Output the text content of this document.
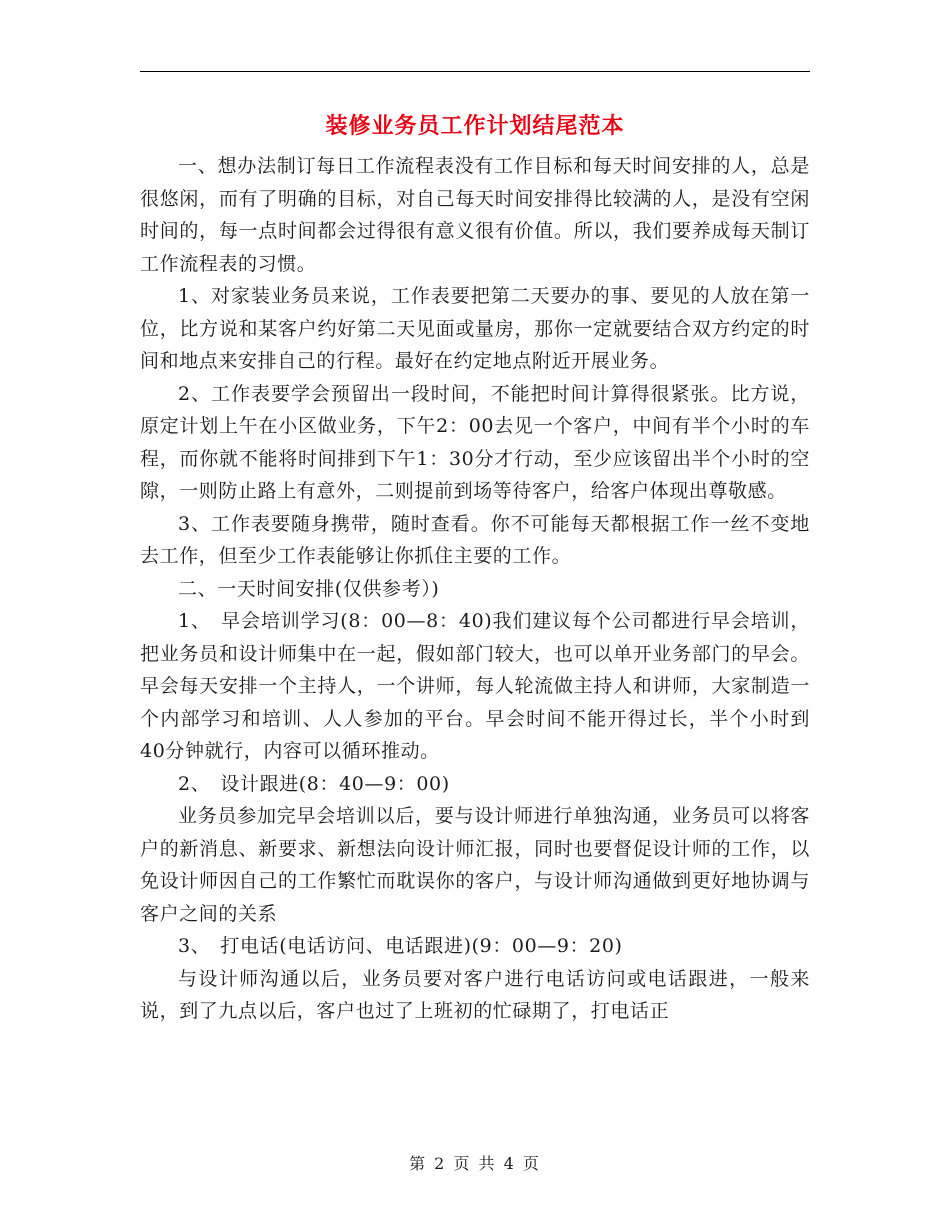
装修业务员工作计划结尾范本

一、想办法制订每日工作流程表没有工作目标和每天时间安排的人，总是很悠闲，而有了明确的目标，对自己每天时间安排得比较满的人，是没有空闲时间的，每一点时间都会过得很有意义很有价值。所以，我们要养成每天制订工作流程表的习惯。

1、对家装业务员来说，工作表要把第二天要办的事、要见的人放在第一位，比方说和某客户约好第二天见面或量房，那你一定就要结合双方约定的时间和地点来安排自己的行程。最好在约定地点附近开展业务。

2、工作表要学会预留出一段时间，不能把时间计算得很紧张。比方说，原定计划上午在小区做业务，下午2：00去见一个客户，中间有半个小时的车程，而你就不能将时间排到下午1：30分才行动，至少应该留出半个小时的空隙，一则防止路上有意外，二则提前到场等待客户，给客户体现出尊敬感。

3、工作表要随身携带，随时查看。你不可能每天都根据工作一丝不变地去工作，但至少工作表能够让你抓住主要的工作。

二、一天时间安排(仅供参考）)

1、　早会培训学习(8：00—8：40)我们建议每个公司都进行早会培训，把业务员和设计师集中在一起，假如部门较大，也可以单开业务部门的早会。早会每天安排一个主持人，一个讲师，每人轮流做主持人和讲师，大家制造一个内部学习和培训、人人参加的平台。早会时间不能开得过长，半个小时到40分钟就行，内容可以循环推动。

2、　设计跟进(8：40—9：00)

业务员参加完早会培训以后，要与设计师进行单独沟通，业务员可以将客户的新消息、新要求、新想法向设计师汇报，同时也要督促设计师的工作，以免设计师因自己的工作繁忙而耽误你的客户，与设计师沟通做到更好地协调与客户之间的关系

3、　打电话(电话访问、电话跟进)(9：00—9：20)

与设计师沟通以后，业务员要对客户进行电话访问或电话跟进，一般来说，到了九点以后，客户也过了上班初的忙碌期了，打电话正

第 2 页 共 4 页
